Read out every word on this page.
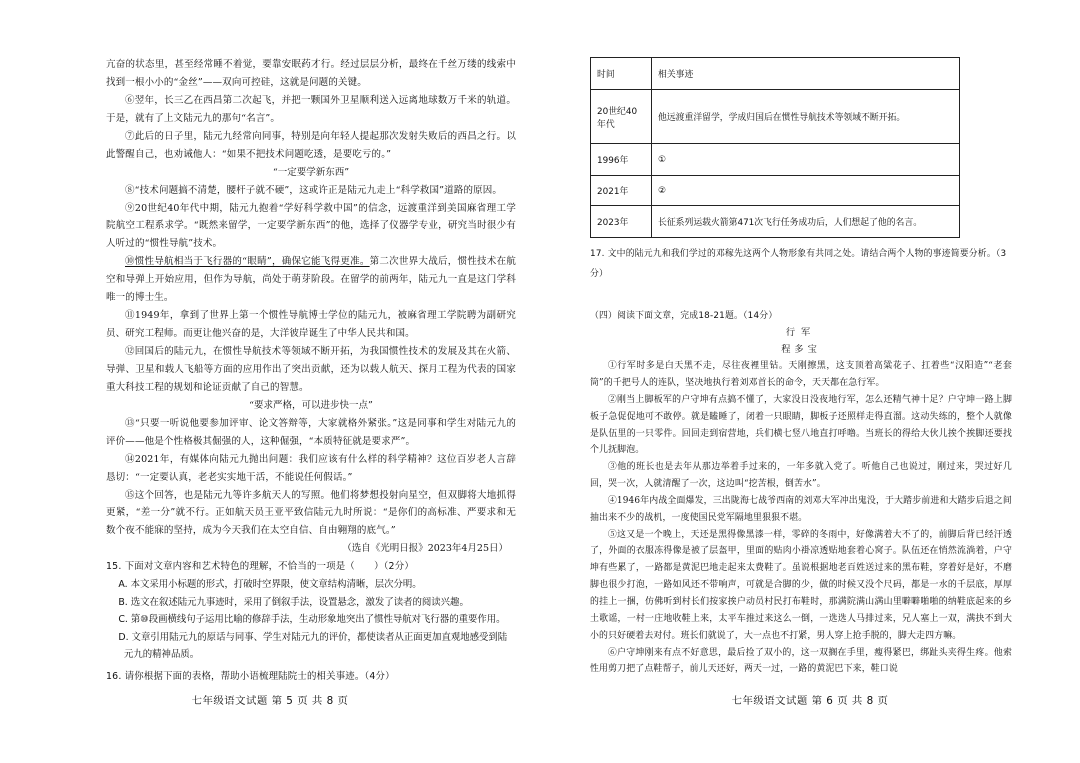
亢奋的状态里，甚至经常睡不着觉，要靠安眠药才行。经过层层分析，最终在千丝万缕的线索中找到一根小小的“金丝”——双向可控硅，这就是问题的关键。

⑥翌年，长三乙在西昌第二次起飞，并把一颗国外卫星顺利送入远离地球数万千米的轨道。于是，就有了上文陆元九的那句“名言”。

⑦此后的日子里，陆元九经常向同事，特别是向年轻人提起那次发射失败后的西昌之行。以此警醒自己，也劝诫他人：“如果不把技术问题吃透，是要吃亏的。”

“一定要学新东西”

⑧“技术问题搞不清楚，腰杆子就不硬”，这或许正是陆元九走上“科学救国”道路的原因。

⑨20世纪40年代中期，陆元九抱着“学好科学救中国”的信念，远渡重洋到美国麻省理工学院航空工程系求学。“既然来留学，一定要学新东西”的他，选择了仪器学专业，研究当时很少有人听过的“惯性导航”技术。

⑩惯性导航相当于飞行器的“眼睛”，确保它能飞得更准。第二次世界大战后，惯性技术在航空和导弹上开始应用，但作为导航，尚处于萌芽阶段。在留学的前两年，陆元九一直是这门学科唯一的博士生。

⑪1949年，拿到了世界上第一个惯性导航博士学位的陆元九，被麻省理工学院聘为副研究员、研究工程师。而更让他兴奋的是，大洋彼岸诞生了中华人民共和国。

⑫回国后的陆元九，在惯性导航技术等领域不断开拓，为我国惯性技术的发展及其在火箭、导弹、卫星和载人飞船等方面的应用作出了突出贡献，还为以载人航天、探月工程为代表的国家重大科技工程的规划和论证贡献了自己的智慧。

“要求严格，可以进步快一点”

⑬“只要一听说他要参加评审、论文答辩等，大家就格外紧张。”这是同事和学生对陆元九的评价——他是个性格极其倔强的人，这种倔强，“本质特征就是要求严”。

⑭2021年，有媒体向陆元九抛出问题：我们应该有什么样的科学精神？这位百岁老人言辞恳切：“一定要认真，老老实实地干活，不能说任何假话。”

⑮这个回答，也是陆元九等许多航天人的写照。他们将梦想投射向星空，但双脚将大地抓得更紧，“差一分”就不行。正如航天员王亚平致信陆元九时所说：“是你们的高标准、严要求和无数个夜不能寐的坚持，成为今天我们在太空自信、自由翱翔的底气。”

（选自《光明日报》2023年4月25日）

15. 下面对文章内容和艺术特色的理解，不恰当的一项是（　　）（2分）

A. 本文采用小标题的形式，打破时空界限，使文章结构清晰，层次分明。

B. 选文在叙述陆元九事迹时，采用了倒叙手法，设置悬念，激发了读者的阅读兴趣。

C. 第⑩段画横线句子运用比喻的修辞手法，生动形象地突出了惯性导航对飞行器的重要作用。

D. 文章引用陆元九的原话与同事、学生对陆元九的评价，都使读者从正面更加直观地感受到陆元九的精神品质。

16. 请你根据下面的表格，帮助小语梳理陆院士的相关事迹。（4分）

七年级语文试题 第 5 页 共 8 页
时间	相关事迹
20世纪40年代	他远渡重洋留学，学成归国后在惯性导航技术等领域不断开拓。
1996年	①
2021年	②
2023年	长征系列运载火箭第471次飞行任务成功后，人们想起了他的名言。

17. 文中的陆元九和我们学过的邓稼先这两个人物形象有共同之处。请结合两个人物的事迹简要分析。（3分）

（四）阅读下面文章，完成18-21题。（14分）

行军

程多宝

①行军时多是白天黑不走，尽往夜裡里钻。天刚擦黑，这支顶着高粱花子、扛着些“汉阳造”“老套筒”的千把号人的连队，坚决地执行着刘邓首长的命令，天天都在急行军。

②刚当上脚板军的户守坤有点搞不懂了，大家没日没夜地行军，怎么还精气神十足？户守坤一路上脚板子急促促地可不敢停。就是瞌睡了，闭着一只眼睛，脚板子还照样走得直溜。这动失练的，整个人就像是队伍里的一只零件。回回走到宿营地，兵们横七竖八地直打呼噜。当班长的得给大伙儿挨个挨脚还要找个儿抚脚泡。

③他的班长也是去年从那边举着手过来的，一年多就入党了。听他自己也说过，刚过来，哭过好几回，哭一次，人就清醒了一次，这边叫“挖苦根，倒苦水”。

④1946年内战全面爆发，三出陇海七战爷西南的刘邓大军冲出鬼没，于大踏步前进和大踏步后退之间抽出来不少的战机，一度使国民党军隔地里狠狠不堪。

⑤这又是一个晚上，天还是黑得像黑漆一样，零碎的冬雨中，好像满着大不了的，前脚后背已经汗透了，外面的衣服冻得像是被了层盔甲，里面的贴肉小褂凉透贴地套着心窝子。队伍还在悄然流淌着，户守坤有些累了，一路都是黄泥巴地走起来太费鞋了。虽说根据地老百姓送过来的黑布鞋，穿着好是好，不磨脚也很少打泡，一路如风还不带响声，可就是合脚的少，做的时候又没个尺码，都是一水的千层底，厚厚的挂上一捆，仿佛听到村长们按家挨户动员村民打布鞋时，那满院满山满山里噼噼啪啪的纳鞋底起来的乡土歌谣，一村一庄地收鞋上来，太平车推过来这么一倒，一选选人马排过来，兄人塞上一双，满抉不到大小的只好硬着去对付。班长们就说了，大一点也不打紧，男人穿上抢手脱的，脚大走四方嘛。

⑥户守坤刚来有点不好意思，最后捡了双小的，这一双搁在手里，瘦得紧巴，绑趾头夹得生疼。他索性用剪刀把了点鞋帮子，前儿天还好，两天一过，一路的黄泥巴下来，鞋口说

七年级语文试题 第 6 页 共 8 页
